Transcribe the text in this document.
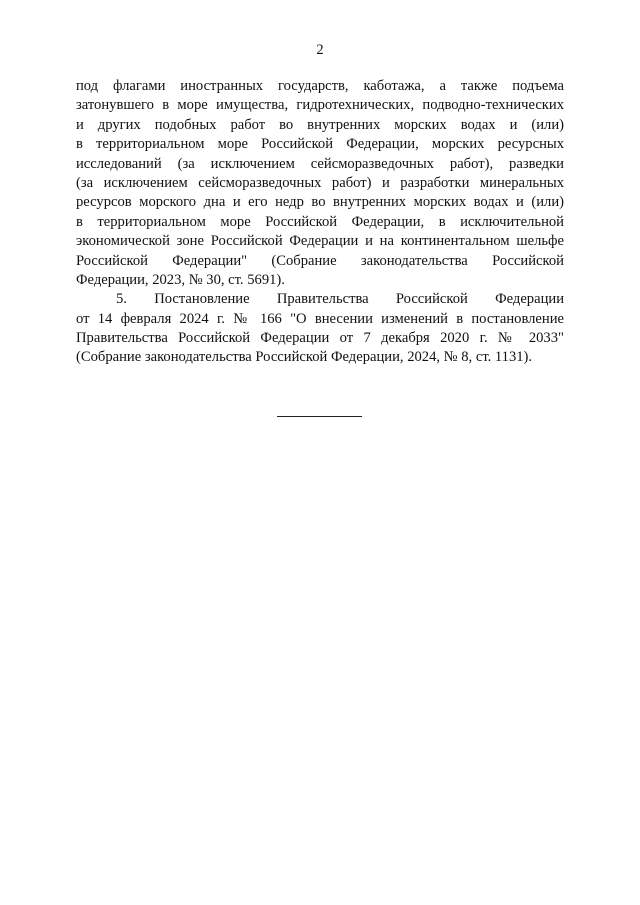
2
под флагами иностранных государств, каботажа, а также подъема
затонувшего в море имущества, гидротехнических, подводно-технических
и других подобных работ во внутренних морских водах и (или)
в территориальном море Российской Федерации, морских ресурсных
исследований (за исключением сейсморазведочных работ), разведки
(за исключением сейсморазведочных работ) и разработки минеральных
ресурсов морского дна и его недр во внутренних морских водах и (или)
в территориальном море Российской Федерации, в исключительной
экономической зоне Российской Федерации и на континентальном шельфе
Российской Федерации" (Собрание законодательства Российской
Федерации, 2023, № 30, ст. 5691).
5. Постановление Правительства Российской Федерации
от 14 февраля 2024 г. № 166 "О внесении изменений в постановление
Правительства Российской Федерации от 7 декабря 2020 г. № 2033"
(Собрание законодательства Российской Федерации, 2024, № 8, ст. 1131).
